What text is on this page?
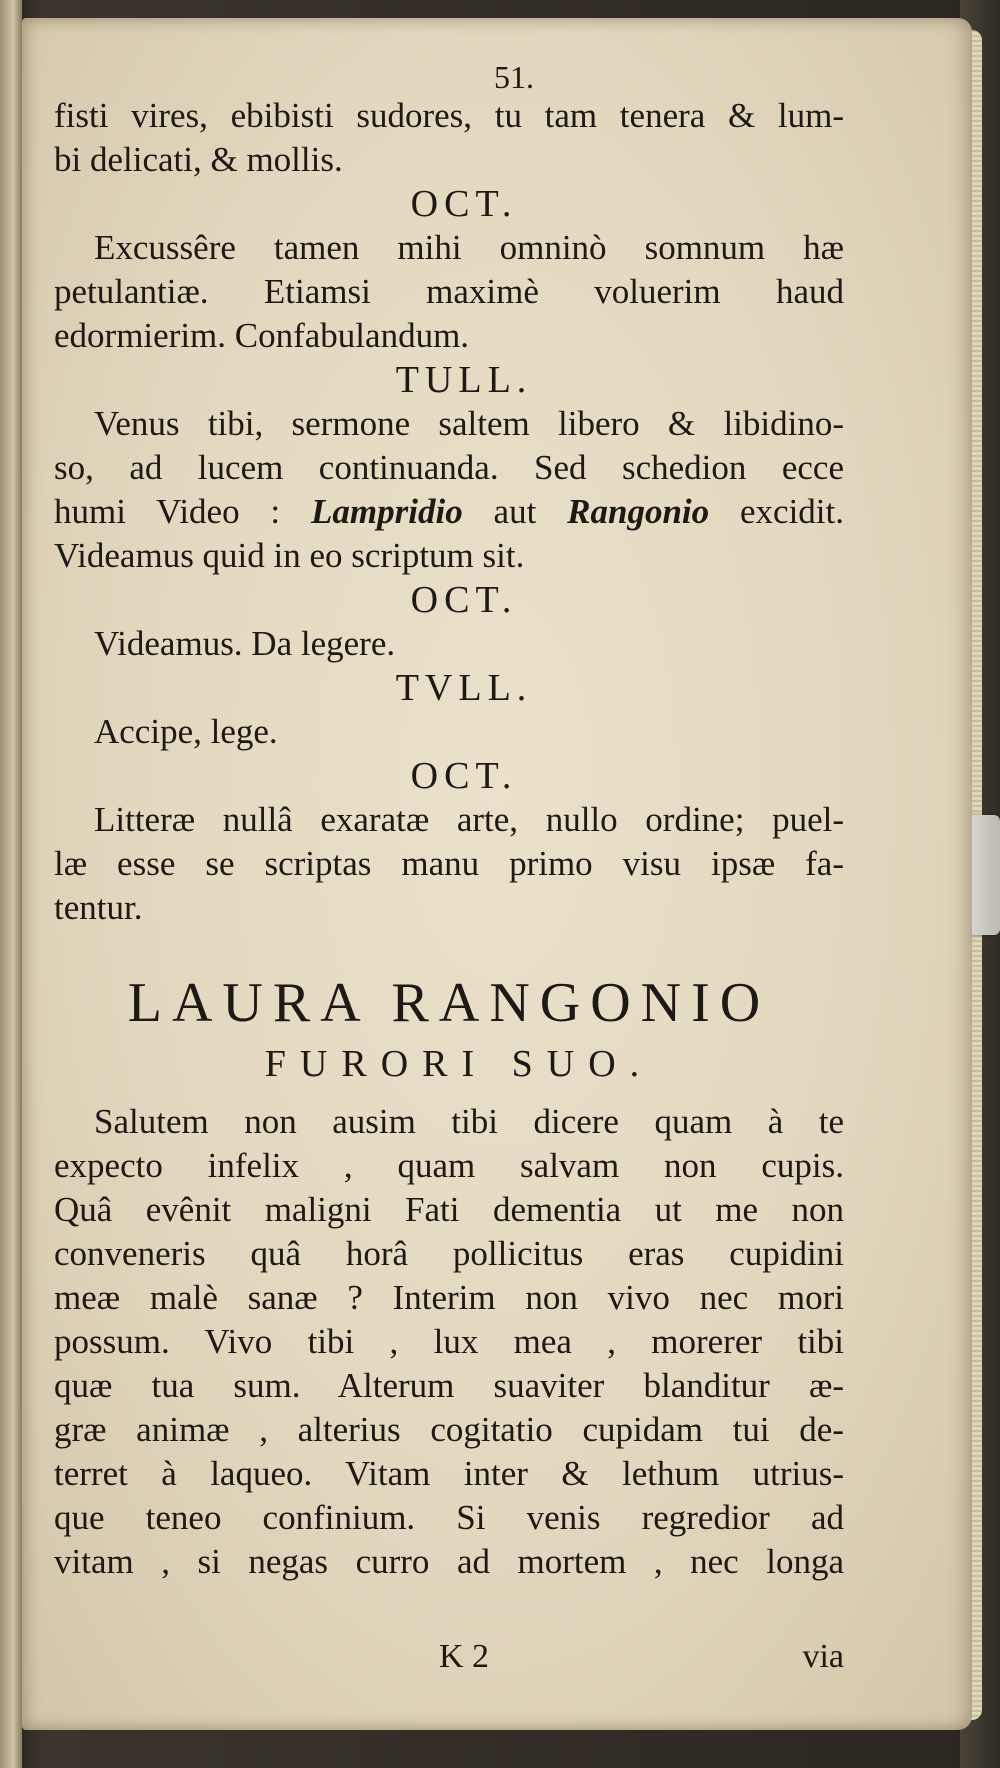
51.
fisti vires, ebibisti sudores, tu tam tenera & lum-
bi delicati, & mollis.
OCT.
Excussêre tamen mihi omninò somnum hæ
petulantiæ. Etiamsi maximè voluerim haud
edormierim. Confabulandum.
TULL.
Venus tibi, sermone saltem libero & libidino-
so, ad lucem continuanda. Sed schedion ecce
humi Video : Lampridio aut Rangonio excidit.
Videamus quid in eo scriptum sit.
OCT.
Videamus. Da legere.
TVLL.
Accipe, lege.
OCT.
Litteræ nullâ exaratæ arte, nullo ordine; puel-
læ esse se scriptas manu primo visu ipsæ fa-
tentur.
LAURA RANGONIO
FURORI SUO.
Salutem non ausim tibi dicere quam à te
expecto infelix , quam salvam non cupis.
Quâ evênit maligni Fati dementia ut me non
conveneris quâ horâ pollicitus eras cupidini
meæ malè sanæ ? Interim non vivo nec mori
possum. Vivo tibi , lux mea , morerer tibi
quæ tua sum. Alterum suaviter blanditur æ-
græ animæ , alterius cogitatio cupidam tui de-
terret à laqueo. Vitam inter & lethum utrius-
que teneo confinium. Si venis regredior ad
vitam , si negas curro ad mortem , nec longa
K 2	via
